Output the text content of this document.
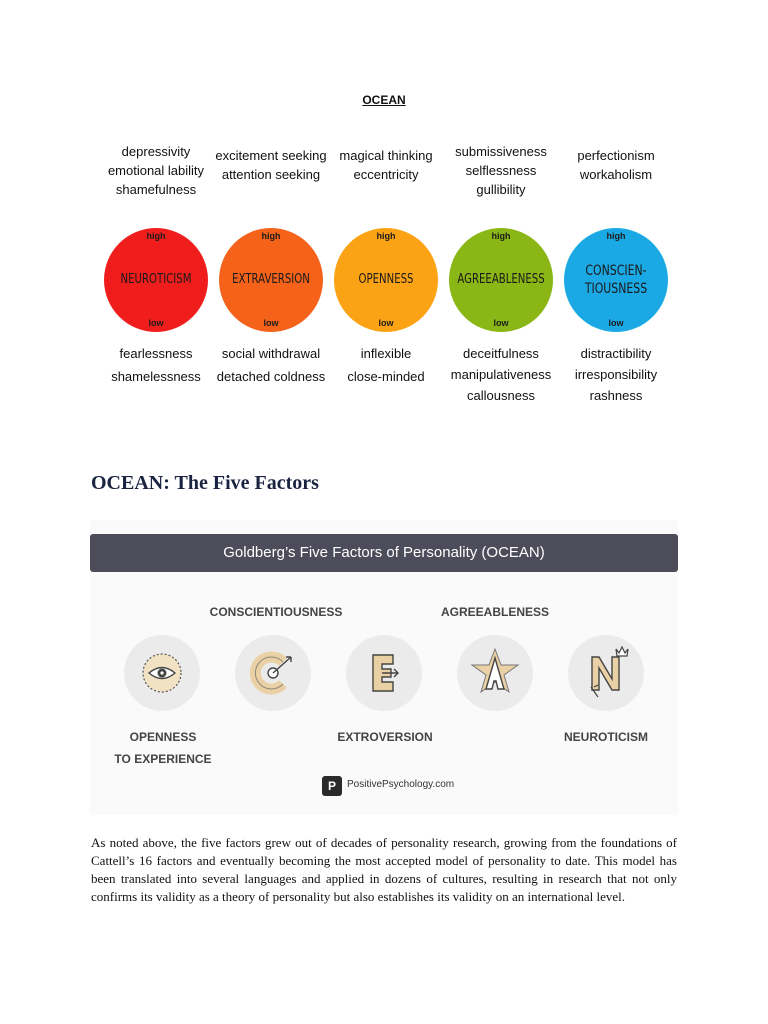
OCEAN
depressivity
emotional lability
shamefulness
high
NEUROTICISM
low
fearlessness
shamelessness
excitement seeking
attention seeking
high
EXTRAVERSION
low
social withdrawal
detached coldness
magical thinking
eccentricity
high
OPENNESS
low
inflexible
close-minded
submissiveness
selflessness
gullibility
high
AGREEABLENESS
low
deceitfulness
manipulativeness
callousness
perfectionism
workaholism
high
CONSCIEN- TIOUSNESS
low
distractibility
irresponsibility
rashness
OCEAN: The Five Factors
Goldberg’s Five Factors of Personality (OCEAN)
CONSCIENTIOUSNESS	AGREEABLENESS
OPENNESS
TO EXPERIENCE
EXTROVERSION	NEUROTICISM
P	PositivePsychology.com
As noted above, the five factors grew out of decades of personality research, growing from the foundations of Cattell’s 16 factors and eventually becoming the most accepted model of personality to date. This model has been translated into several languages and applied in dozens of cultures, resulting in research that not only confirms its validity as a theory of personality but also establishes its validity on an international level.
